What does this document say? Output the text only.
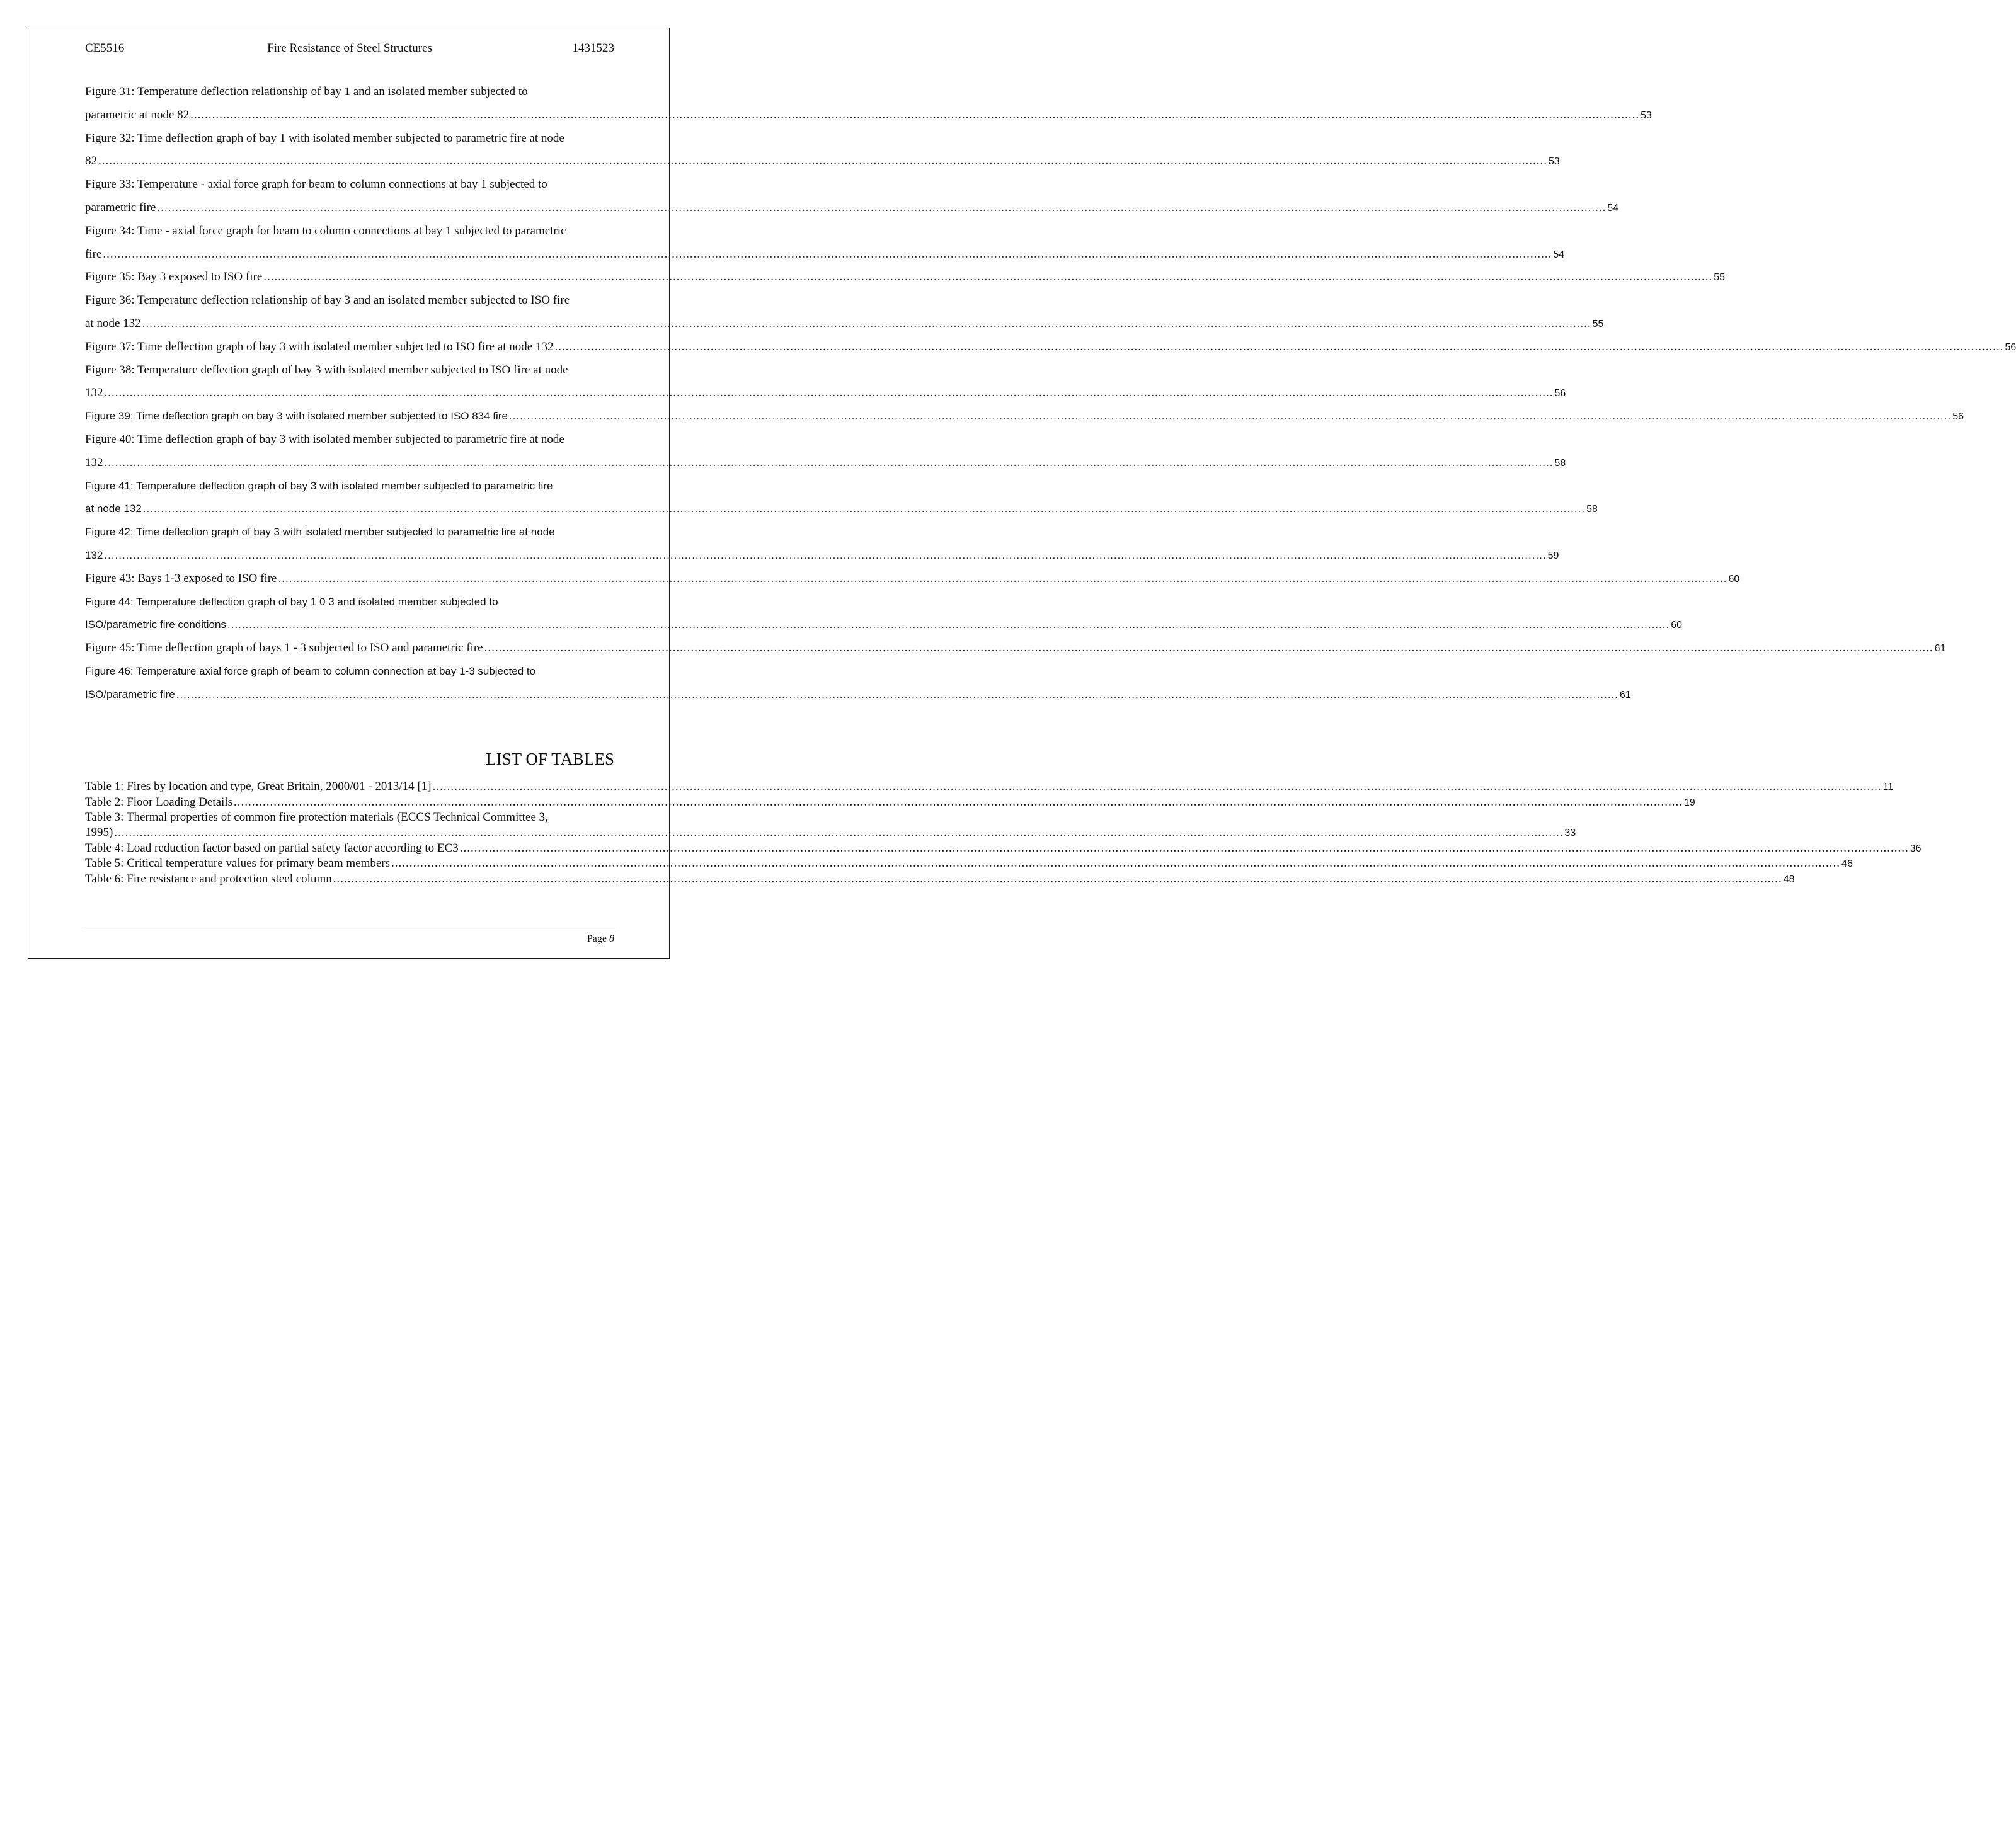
CE5516	Fire Resistance of Steel Structures	1431523
Figure 31: Temperature deflection relationship of bay 1 and an isolated member subjected to
parametric at node 82 ................................................................................................................................................................................................................................................................................................................................................................................................................ 53
Figure 32: Time deflection graph of bay 1 with isolated member subjected to parametric fire at node
82 ................................................................................................................................................................................................................................................................................................................................................................................................................ 53
Figure 33: Temperature - axial force graph for beam to column connections at bay 1 subjected to
parametric fire ................................................................................................................................................................................................................................................................................................................................................................................................................ 54
Figure 34: Time - axial force graph for beam to column connections at bay 1 subjected to parametric
fire ................................................................................................................................................................................................................................................................................................................................................................................................................ 54
Figure 35: Bay 3 exposed to ISO fire ................................................................................................................................................................................................................................................................................................................................................................................................................ 55
Figure 36: Temperature deflection relationship of bay 3 and an isolated member subjected to ISO fire
at node 132 ................................................................................................................................................................................................................................................................................................................................................................................................................ 55
Figure 37: Time deflection graph of bay 3 with isolated member subjected to ISO fire at node 132 ................................................................................................................................................................................................................................................................................................................................................................................................................ 56
Figure 38: Temperature deflection graph of bay 3 with isolated member subjected to ISO fire at node
132 ................................................................................................................................................................................................................................................................................................................................................................................................................ 56
Figure 39: Time deflection graph on bay 3 with isolated member subjected to ISO 834 fire ................................................................................................................................................................................................................................................................................................................................................................................................................ 56
Figure 40: Time deflection graph of bay 3 with isolated member subjected to parametric fire at node
132 ................................................................................................................................................................................................................................................................................................................................................................................................................ 58
Figure 41: Temperature deflection graph of bay 3 with isolated member subjected to parametric fire
at node 132 ................................................................................................................................................................................................................................................................................................................................................................................................................ 58
Figure 42: Time deflection graph of bay 3 with isolated member subjected to parametric fire at node
132 ................................................................................................................................................................................................................................................................................................................................................................................................................ 59
Figure 43: Bays 1-3 exposed to ISO fire ................................................................................................................................................................................................................................................................................................................................................................................................................ 60
Figure 44: Temperature deflection graph of bay 1 0 3 and isolated member subjected to
ISO/parametric fire conditions ................................................................................................................................................................................................................................................................................................................................................................................................................ 60
Figure 45: Time deflection graph of bays 1 - 3 subjected to ISO and parametric fire ................................................................................................................................................................................................................................................................................................................................................................................................................ 61
Figure 46: Temperature axial force graph of beam to column connection at bay 1-3 subjected to
ISO/parametric fire ................................................................................................................................................................................................................................................................................................................................................................................................................ 61
LIST OF TABLES
Table 1: Fires by location and type, Great Britain, 2000/01 - 2013/14 [1] ................................................................................................................................................................................................................................................................................................................................................................................................................ 11
Table 2: Floor Loading Details ................................................................................................................................................................................................................................................................................................................................................................................................................ 19
Table 3: Thermal properties of common fire protection materials (ECCS Technical Committee 3,
1995) ................................................................................................................................................................................................................................................................................................................................................................................................................ 33
Table 4: Load reduction factor based on partial safety factor according to EC3 ................................................................................................................................................................................................................................................................................................................................................................................................................ 36
Table 5: Critical temperature values for primary beam members ................................................................................................................................................................................................................................................................................................................................................................................................................ 46
Table 6: Fire resistance and protection steel column ................................................................................................................................................................................................................................................................................................................................................................................................................ 48
Page 8
